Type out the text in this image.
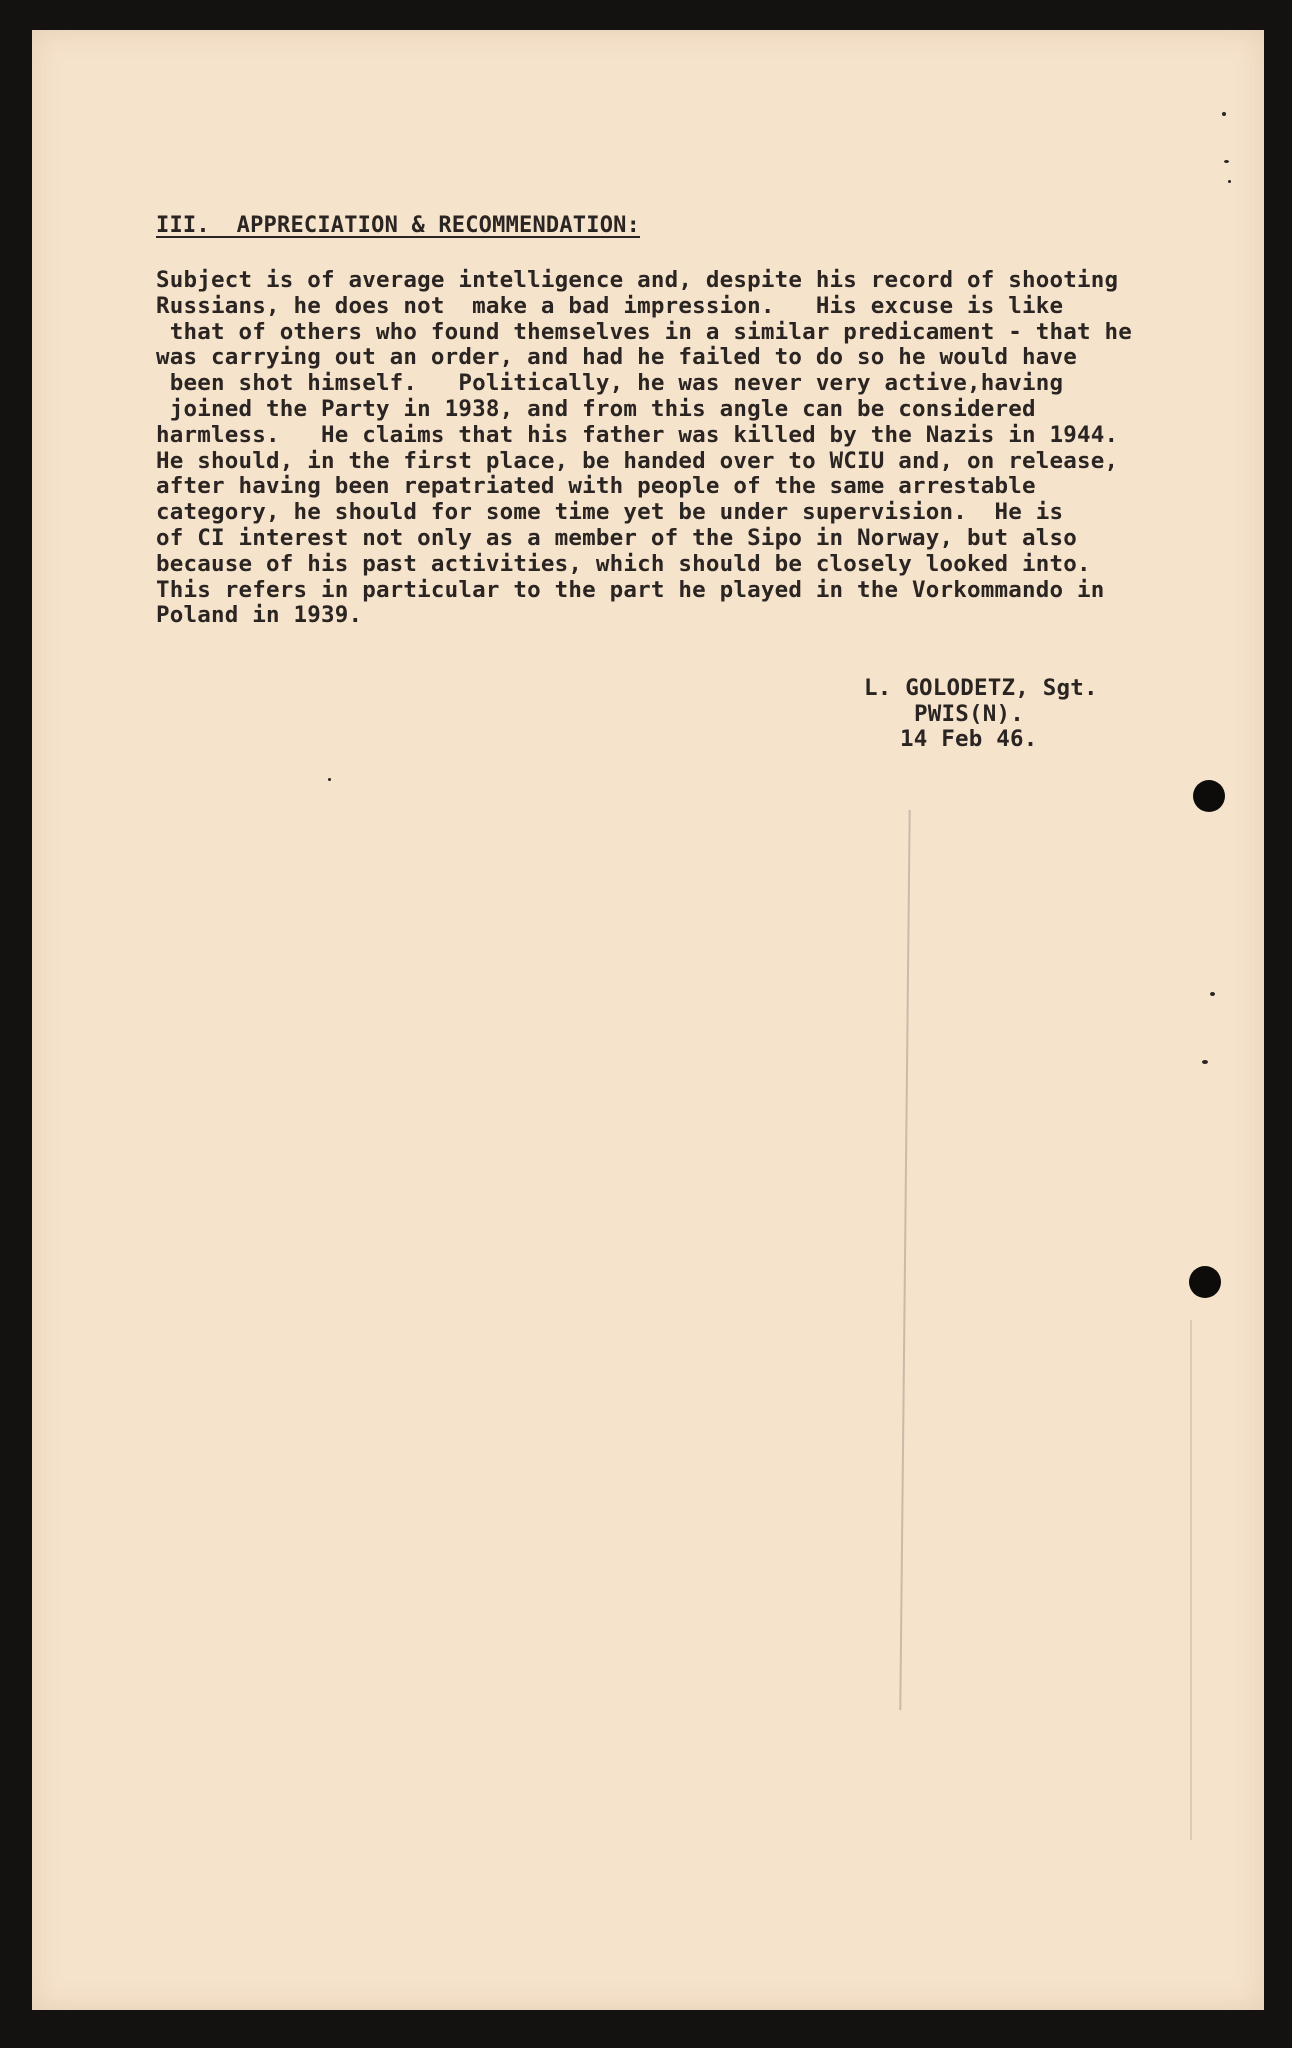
III.  APPRECIATION & RECOMMENDATION:
Subject is of average intelligence and, despite his record of shooting
Russians, he does not  make a bad impression.   His excuse is like
that of others who found themselves in a similar predicament - that he
was carrying out an order, and had he failed to do so he would have
been shot himself.   Politically, he was never very active,having
joined the Party in 1938, and from this angle can be considered
harmless.   He claims that his father was killed by the Nazis in 1944.
He should, in the first place, be handed over to WCIU and, on release,
after having been repatriated with people of the same arrestable
category, he should for some time yet be under supervision.  He is
of CI interest not only as a member of the Sipo in Norway, but also
because of his past activities, which should be closely looked into.
This refers in particular to the part he played in the Vorkommando in
Poland in 1939.
L. GOLODETZ, Sgt.
PWIS(N).
14 Feb 46.
